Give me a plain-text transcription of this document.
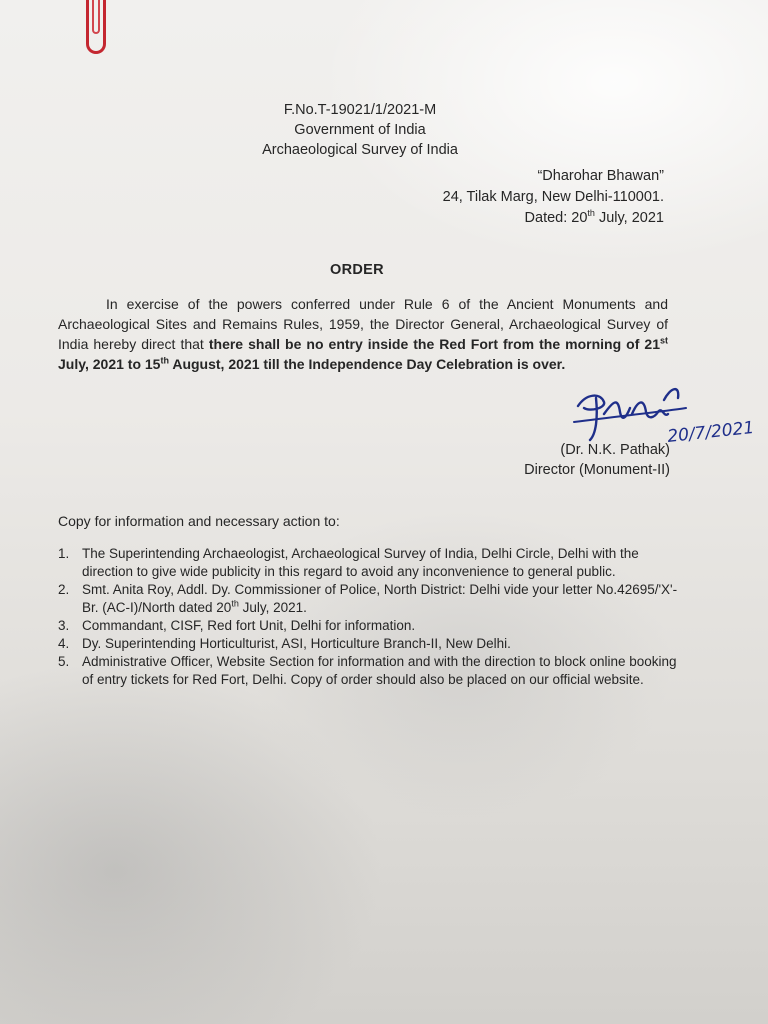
F.No.T-19021/1/2021-M
Government of India
Archaeological Survey of India
“Dharohar Bhawan”
24, Tilak Marg, New Delhi-110001.
Dated: 20th July, 2021
ORDER
In exercise of the powers conferred under Rule 6 of the Ancient Monuments and Archaeological Sites and Remains Rules, 1959, the Director General, Archaeological Survey of India hereby direct that there shall be no entry inside the Red Fort from the morning of 21st July, 2021 to 15th August, 2021 till the Independence Day Celebration is over.
20/7/2021
(Dr. N.K. Pathak)
Director (Monument-II)
Copy for information and necessary action to:
1. The Superintending Archaeologist, Archaeological Survey of India, Delhi Circle, Delhi with the direction to give wide publicity in this regard to avoid any inconvenience to general public.
2. Smt. Anita Roy, Addl. Dy. Commissioner of Police, North District: Delhi vide your letter No.42695/'X'-Br. (AC-I)/North dated 20th July, 2021.
3. Commandant, CISF, Red fort Unit, Delhi for information.
4. Dy. Superintending Horticulturist, ASI, Horticulture Branch-II, New Delhi.
5. Administrative Officer, Website Section for information and with the direction to block online booking of entry tickets for Red Fort, Delhi. Copy of order should also be placed on our official website.
